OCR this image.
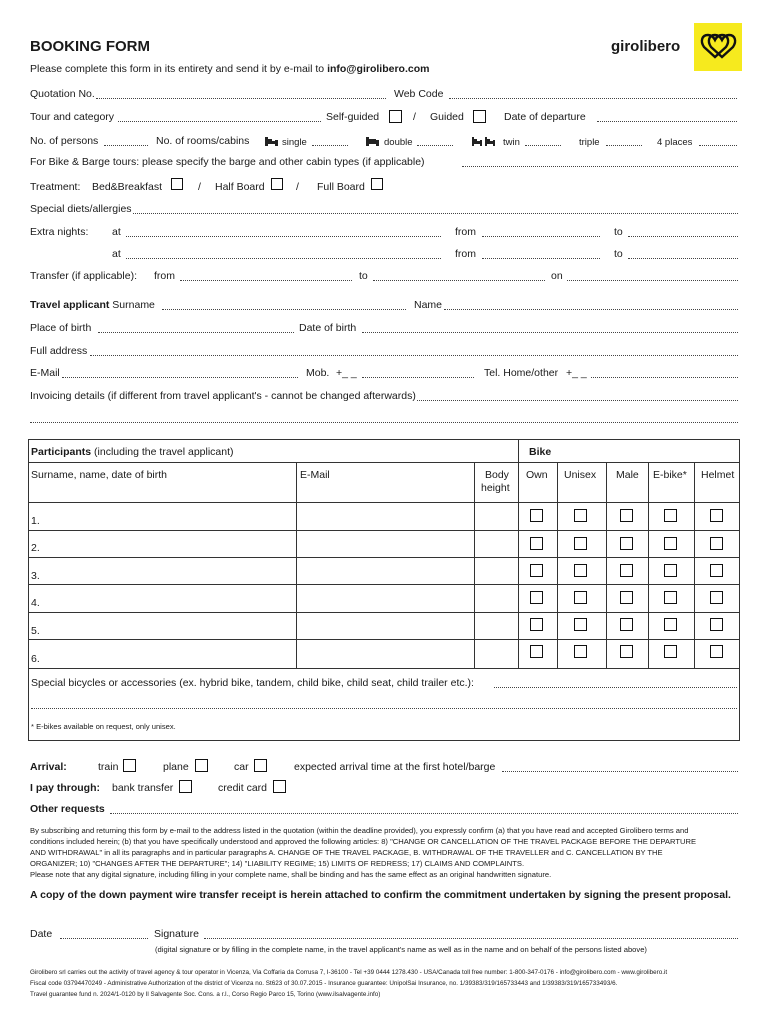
BOOKING FORM	girolibero
Please complete this form in its entirety and send it by e-mail to info@girolibero.com
Quotation No.	Web Code
Tour and category	Self-guided	/ Guided	Date of departure
No. of persons	No. of rooms/cabins	single	double	twin	triple	4 places
For Bike & Barge tours: please specify the barge and other cabin types (if applicable)
Treatment: Bed&Breakfast	/ Half Board	/ Full Board
Special diets/allergies
Extra nights: at	from	to
at	from	to
Transfer (if applicable): from	to	on
Travel applicant Surname	Name
Place of birth	Date of birth
Full address
E-Mail	Mob. +_ _	Tel. Home/other +_ _
Invoicing details (if different from travel applicant's - cannot be changed afterwards)
Participants (including the travel applicant)	Bike
Surname, name, date of birth	E-Mail	Body
height
Own Unisex Male E-bike* Helmet
1.
2.
3.
4.
5.
6.
Special bicycles or accessories (ex. hybrid bike, tandem, child bike, child seat, child trailer etc.):
* E-bikes available on request, only unisex.
Arrival:	train	plane	car	expected arrival time at the first hotel/barge
I pay through: bank transfer	credit card
Other requests
By subscribing and returning this form by e-mail to the address listed in the quotation (within the deadline provided), you expressly confirm (a) that you have read and accepted Girolibero terms and
conditions included herein; (b) that you have specifically understood and approved the following articles: 8) "CHANGE OR CANCELLATION OF THE TRAVEL PACKAGE BEFORE THE DEPARTURE
AND WITHDRAWAL" in all its paragraphs and in particular paragraphs A. CHANGE OF THE TRAVEL PACKAGE, B. WITHDRAWAL OF THE TRAVELLER and C. CANCELLATION BY THE
ORGANIZER; 10) "CHANGES AFTER THE DEPARTURE"; 14) "LIABILITY REGIME; 15) LIMITS OF REDRESS; 17) CLAIMS AND COMPLAINTS.
Please note that any digital signature, including filling in your complete name, shall be binding and has the same effect as an original handwritten signature.
A copy of the down payment wire transfer receipt is herein attached to confirm the commitment undertaken by signing the present proposal.
Date	Signature
(digital signature or by filling in the complete name, in the travel applicant's name as well as in the name and on behalf of the persons listed above)
Girolibero srl carries out the activity of travel agency & tour operator in Vicenza, Via Coffaria da Corrusa 7, I-36100 - Tel +39 0444 1278.430 - USA/Canada toll free number: 1-800-347-0176 - info@girolibero.com - www.girolibero.it
Fiscal code 03794470249 - Administrative Authorization of the district of Vicenza no. St623 of 30.07.2015 - Insurance guarantee: UnipolSai Insurance, no. 1/39383/319/165733443 and 1/39383/319/165733493/6.
Travel guarantee fund n. 2024/1-0120 by Il Salvagente Soc. Cons. a r.l., Corso Regio Parco 15, Torino (www.ilsalvagente.info)
